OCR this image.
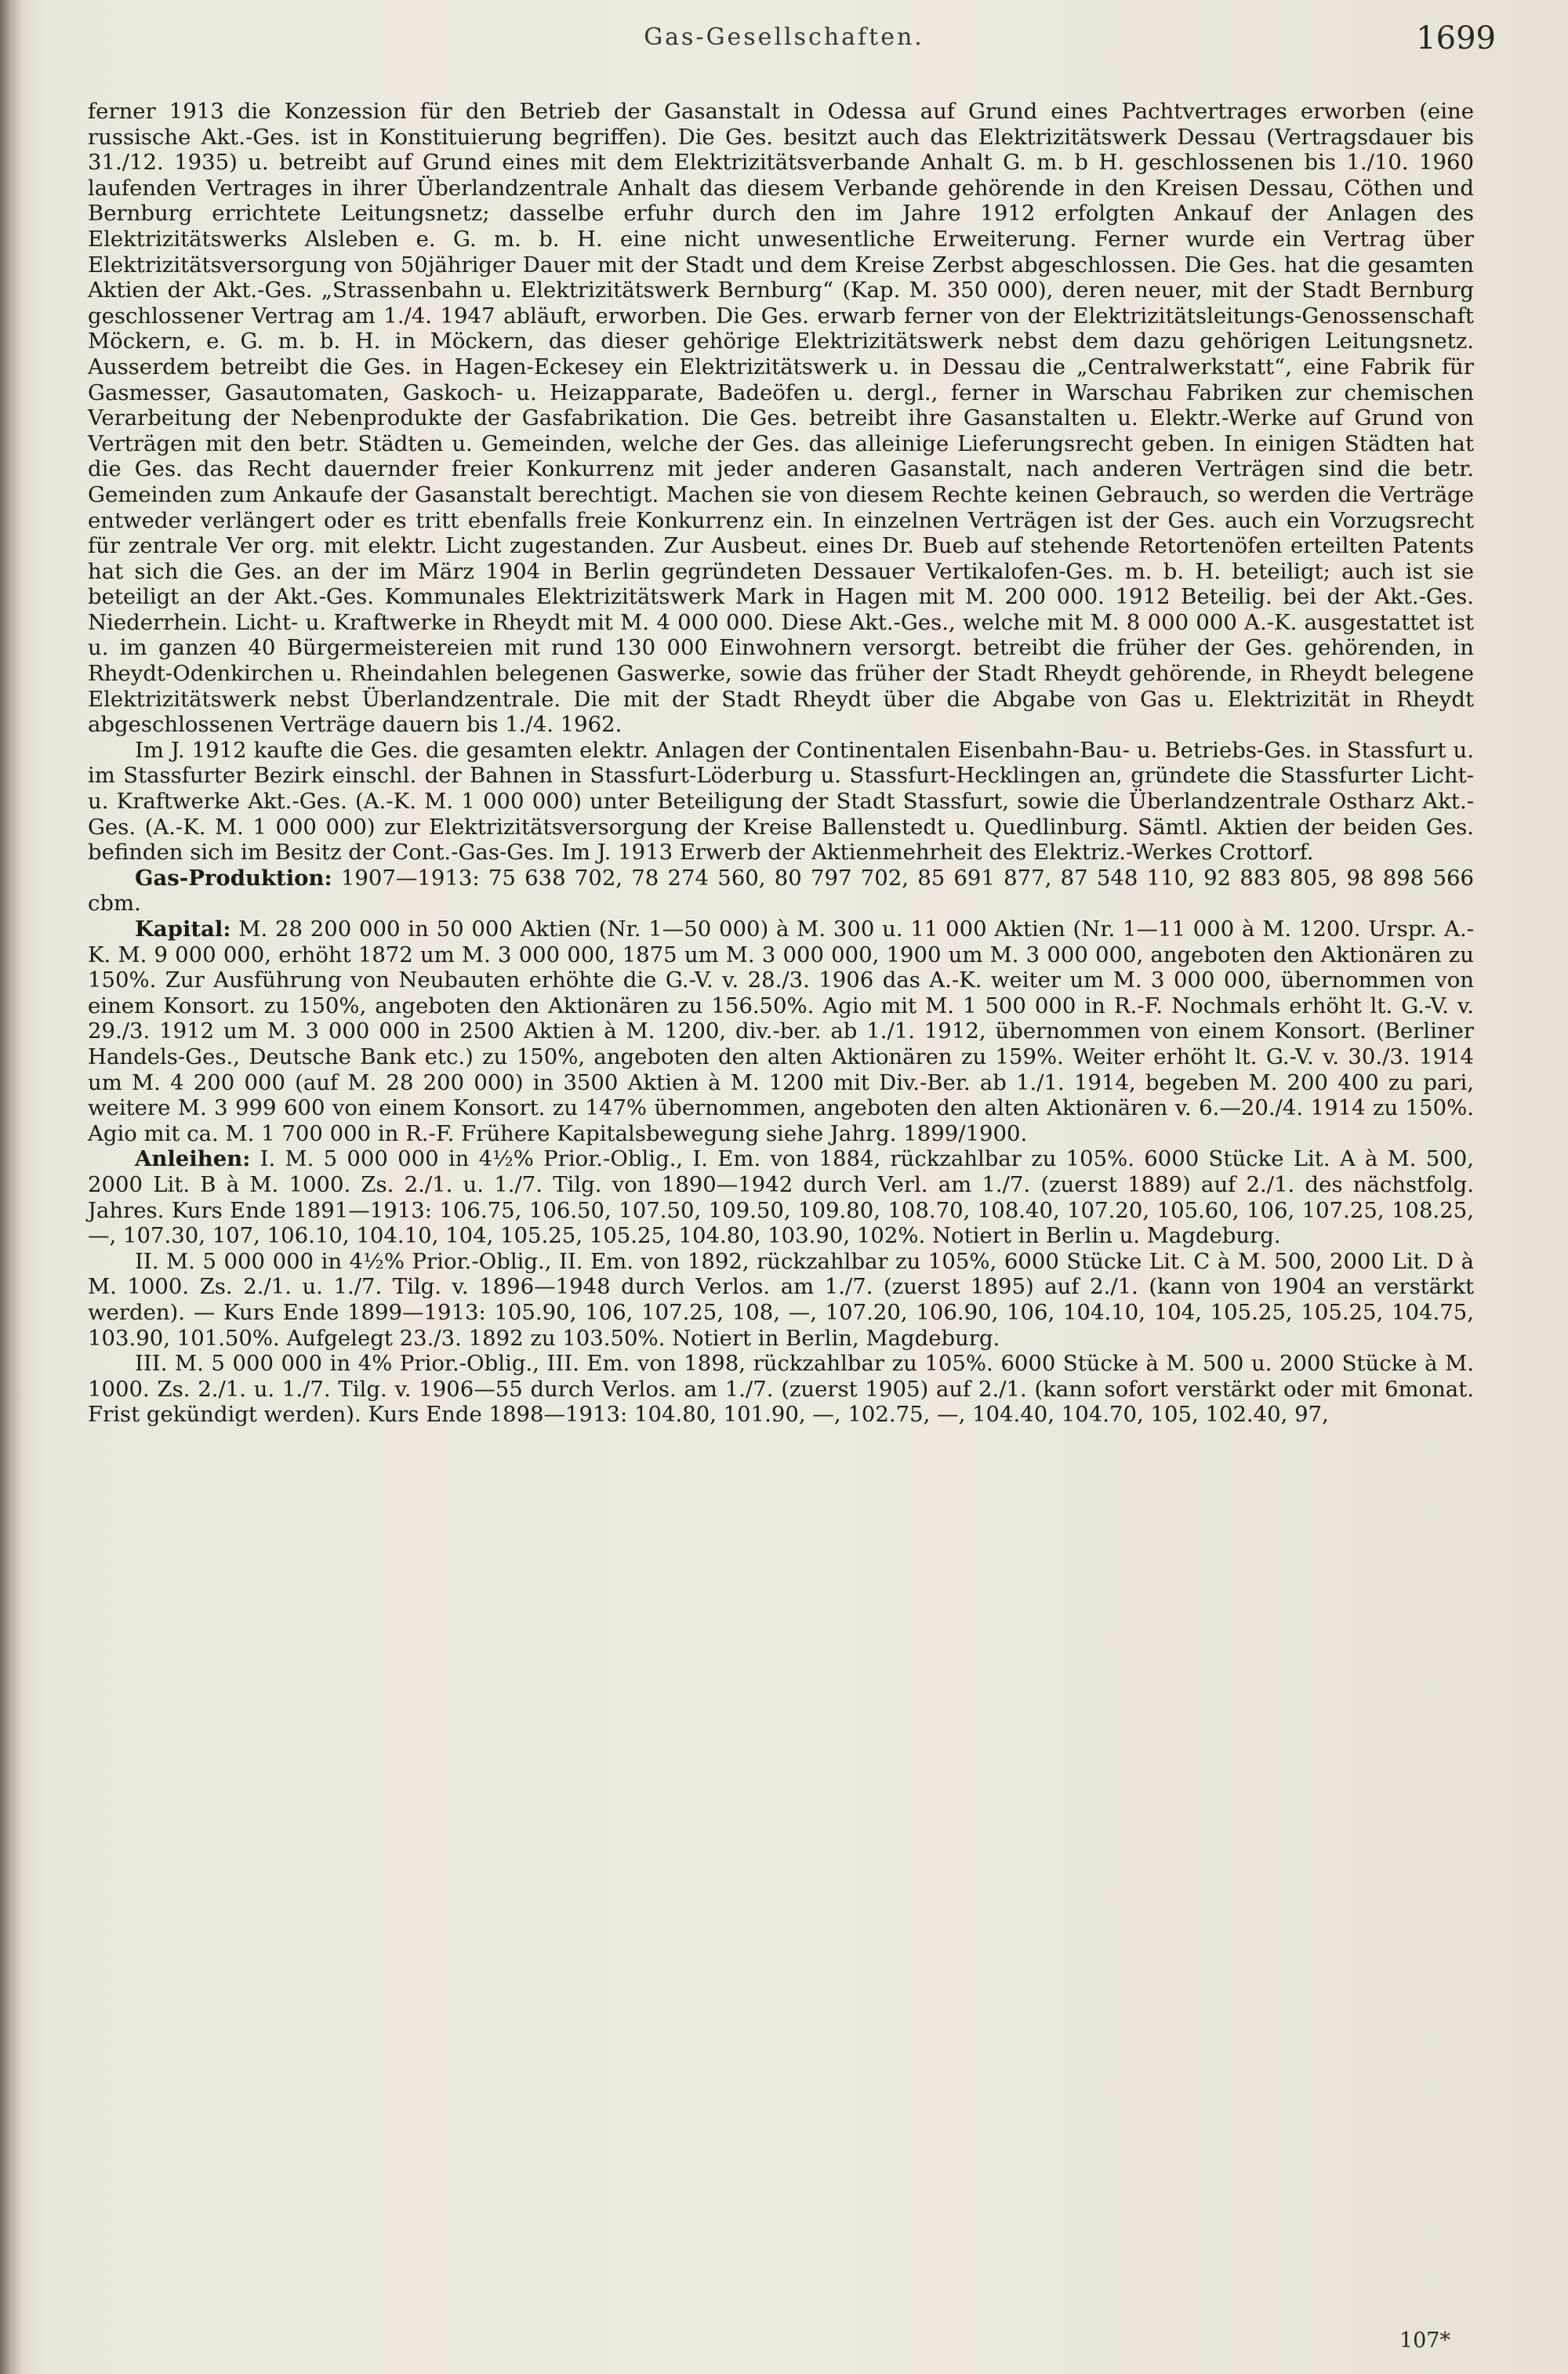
Gas-Gesellschaften.	1699

ferner 1913 die Konzession für den Betrieb der Gasanstalt in Odessa auf Grund eines Pachtvertrages erworben (eine russische Akt.-Ges. ist in Konstituierung begriffen). Die Ges. besitzt auch das Elektrizitätswerk Dessau (Vertragsdauer bis 31./12. 1935) u. betreibt auf Grund eines mit dem Elektrizitätsverbande Anhalt G. m. b H. geschlossenen bis 1./10. 1960 laufenden Vertrages in ihrer Überlandzentrale Anhalt das diesem Verbande gehörende in den Kreisen Dessau, Cöthen und Bernburg errichtete Leitungsnetz; dasselbe erfuhr durch den im Jahre 1912 erfolgten Ankauf der Anlagen des Elektrizitätswerks Alsleben e. G. m. b. H. eine nicht unwesentliche Erweiterung. Ferner wurde ein Vertrag über Elektrizitätsversorgung von 50jähriger Dauer mit der Stadt und dem Kreise Zerbst abgeschlossen. Die Ges. hat die gesamten Aktien der Akt.-Ges. „Strassenbahn u. Elektrizitätswerk Bernburg“ (Kap. M. 350 000), deren neuer, mit der Stadt Bernburg geschlossener Vertrag am 1./4. 1947 abläuft, erworben. Die Ges. erwarb ferner von der Elektrizitätsleitungs-Genossenschaft Möckern, e. G. m. b. H. in Möckern, das dieser gehörige Elektrizitätswerk nebst dem dazu gehörigen Leitungsnetz. Ausserdem betreibt die Ges. in Hagen-Eckesey ein Elektrizitätswerk u. in Dessau die „Centralwerkstatt“, eine Fabrik für Gasmesser, Gasautomaten, Gaskoch- u. Heizapparate, Badeöfen u. dergl., ferner in Warschau Fabriken zur chemischen Verarbeitung der Nebenprodukte der Gasfabrikation. Die Ges. betreibt ihre Gasanstalten u. Elektr.-Werke auf Grund von Verträgen mit den betr. Städten u. Gemeinden, welche der Ges. das alleinige Lieferungsrecht geben. In einigen Städten hat die Ges. das Recht dauernder freier Konkurrenz mit jeder anderen Gasanstalt, nach anderen Verträgen sind die betr. Gemeinden zum Ankaufe der Gasanstalt berechtigt. Machen sie von diesem Rechte keinen Gebrauch, so werden die Verträge entweder verlängert oder es tritt ebenfalls freie Konkurrenz ein. In einzelnen Verträgen ist der Ges. auch ein Vorzugsrecht für zentrale Ver org. mit elektr. Licht zugestanden. Zur Ausbeut. eines Dr. Bueb auf stehende Retortenöfen erteilten Patents hat sich die Ges. an der im März 1904 in Berlin gegründeten Dessauer Vertikalofen-Ges. m. b. H. beteiligt; auch ist sie beteiligt an der Akt.-Ges. Kommunales Elektrizitätswerk Mark in Hagen mit M. 200 000. 1912 Beteilig. bei der Akt.-Ges. Niederrhein. Licht- u. Kraftwerke in Rheydt mit M. 4 000 000. Diese Akt.-Ges., welche mit M. 8 000 000 A.-K. ausgestattet ist u. im ganzen 40 Bürgermeistereien mit rund 130 000 Einwohnern versorgt. betreibt die früher der Ges. gehörenden, in Rheydt-Odenkirchen u. Rheindahlen belegenen Gaswerke, sowie das früher der Stadt Rheydt gehörende, in Rheydt belegene Elektrizitätswerk nebst Überlandzentrale. Die mit der Stadt Rheydt über die Abgabe von Gas u. Elektrizität in Rheydt abgeschlossenen Verträge dauern bis 1./4. 1962.

Im J. 1912 kaufte die Ges. die gesamten elektr. Anlagen der Continentalen Eisenbahn-Bau- u. Betriebs-Ges. in Stassfurt u. im Stassfurter Bezirk einschl. der Bahnen in Stassfurt-Löderburg u. Stassfurt-Hecklingen an, gründete die Stassfurter Licht- u. Kraftwerke Akt.-Ges. (A.-K. M. 1 000 000) unter Beteiligung der Stadt Stassfurt, sowie die Überlandzentrale Ostharz Akt.-Ges. (A.-K. M. 1 000 000) zur Elektrizitätsversorgung der Kreise Ballenstedt u. Quedlinburg. Sämtl. Aktien der beiden Ges. befinden sich im Besitz der Cont.-Gas-Ges. Im J. 1913 Erwerb der Aktienmehrheit des Elektriz.-Werkes Crottorf.

Gas-Produktion: 1907—1913: 75 638 702, 78 274 560, 80 797 702, 85 691 877, 87 548 110, 92 883 805, 98 898 566 cbm.

Kapital: M. 28 200 000 in 50 000 Aktien (Nr. 1—50 000) à M. 300 u. 11 000 Aktien (Nr. 1—11 000 à M. 1200. Urspr. A.-K. M. 9 000 000, erhöht 1872 um M. 3 000 000, 1875 um M. 3 000 000, 1900 um M. 3 000 000, angeboten den Aktionären zu 150%. Zur Ausführung von Neubauten erhöhte die G.-V. v. 28./3. 1906 das A.-K. weiter um M. 3 000 000, übernommen von einem Konsort. zu 150%, angeboten den Aktionären zu 156.50%. Agio mit M. 1 500 000 in R.-F. Nochmals erhöht lt. G.-V. v. 29./3. 1912 um M. 3 000 000 in 2500 Aktien à M. 1200, div.-ber. ab 1./1. 1912, übernommen von einem Konsort. (Berliner Handels-Ges., Deutsche Bank etc.) zu 150%, angeboten den alten Aktionären zu 159%. Weiter erhöht lt. G.-V. v. 30./3. 1914 um M. 4 200 000 (auf M. 28 200 000) in 3500 Aktien à M. 1200 mit Div.-Ber. ab 1./1. 1914, begeben M. 200 400 zu pari, weitere M. 3 999 600 von einem Konsort. zu 147% übernommen, angeboten den alten Aktionären v. 6.—20./4. 1914 zu 150%. Agio mit ca. M. 1 700 000 in R.-F. Frühere Kapitalsbewegung siehe Jahrg. 1899/1900.

Anleihen: I. M. 5 000 000 in 4½% Prior.-Oblig., I. Em. von 1884, rückzahlbar zu 105%. 6000 Stücke Lit. A à M. 500, 2000 Lit. B à M. 1000. Zs. 2./1. u. 1./7. Tilg. von 1890—1942 durch Verl. am 1./7. (zuerst 1889) auf 2./1. des nächstfolg. Jahres. Kurs Ende 1891—1913: 106.75, 106.50, 107.50, 109.50, 109.80, 108.70, 108.40, 107.20, 105.60, 106, 107.25, 108.25, —, 107.30, 107, 106.10, 104.10, 104, 105.25, 105.25, 104.80, 103.90, 102%. Notiert in Berlin u. Magdeburg.

II. M. 5 000 000 in 4½% Prior.-Oblig., II. Em. von 1892, rückzahlbar zu 105%, 6000 Stücke Lit. C à M. 500, 2000 Lit. D à M. 1000. Zs. 2./1. u. 1./7. Tilg. v. 1896—1948 durch Verlos. am 1./7. (zuerst 1895) auf 2./1. (kann von 1904 an verstärkt werden). — Kurs Ende 1899—1913: 105.90, 106, 107.25, 108, —, 107.20, 106.90, 106, 104.10, 104, 105.25, 105.25, 104.75, 103.90, 101.50%. Aufgelegt 23./3. 1892 zu 103.50%. Notiert in Berlin, Magdeburg.

III. M. 5 000 000 in 4% Prior.-Oblig., III. Em. von 1898, rückzahlbar zu 105%. 6000 Stücke à M. 500 u. 2000 Stücke à M. 1000. Zs. 2./1. u. 1./7. Tilg. v. 1906—55 durch Verlos. am 1./7. (zuerst 1905) auf 2./1. (kann sofort verstärkt oder mit 6monat. Frist gekündigt werden). Kurs Ende 1898—1913: 104.80, 101.90, —, 102.75, —, 104.40, 104.70, 105, 102.40, 97,

107*
